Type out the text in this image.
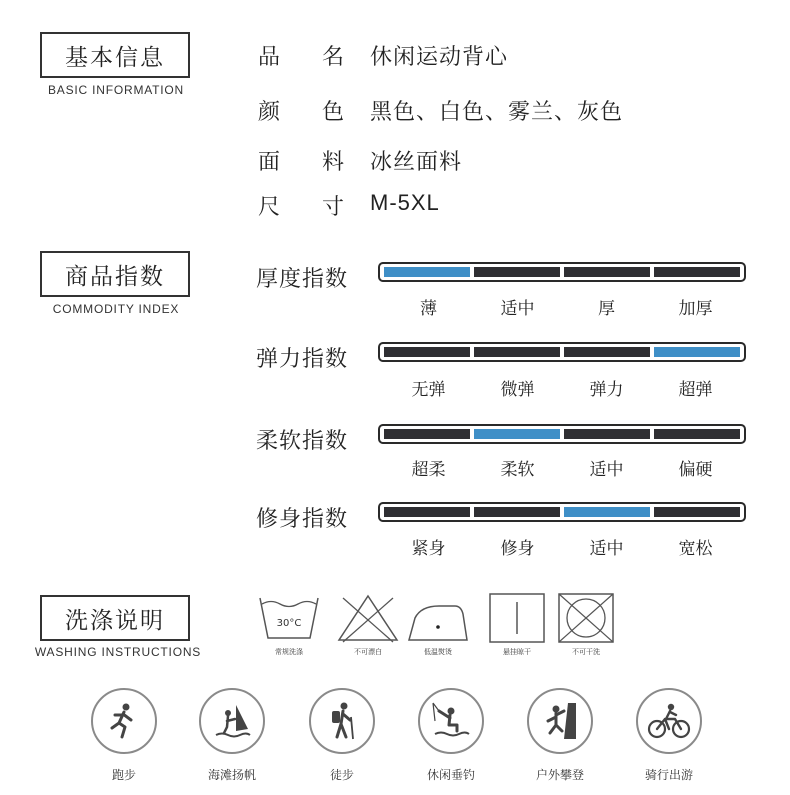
基本信息
BASIC INFORMATION
商品指数
COMMODITY INDEX
洗涤说明
WASHING INSTRUCTIONS
品 名 休闲运动背心
颜 色 黑色、白色、雾兰、灰色
面 料 冰丝面料
尺 寸 M-5XL
厚度指数
薄	适中	厚	加厚
弹力指数
无弹	微弹	弹力	超弹
柔软指数
超柔	柔软	适中	偏硬
修身指数
紧身	修身	适中	宽松
30°C
常规洗涤	不可漂白	低温熨烫	悬挂晾干	不可干洗
跑步	海滩扬帆	徒步	休闲垂钓	户外攀登	骑行出游
